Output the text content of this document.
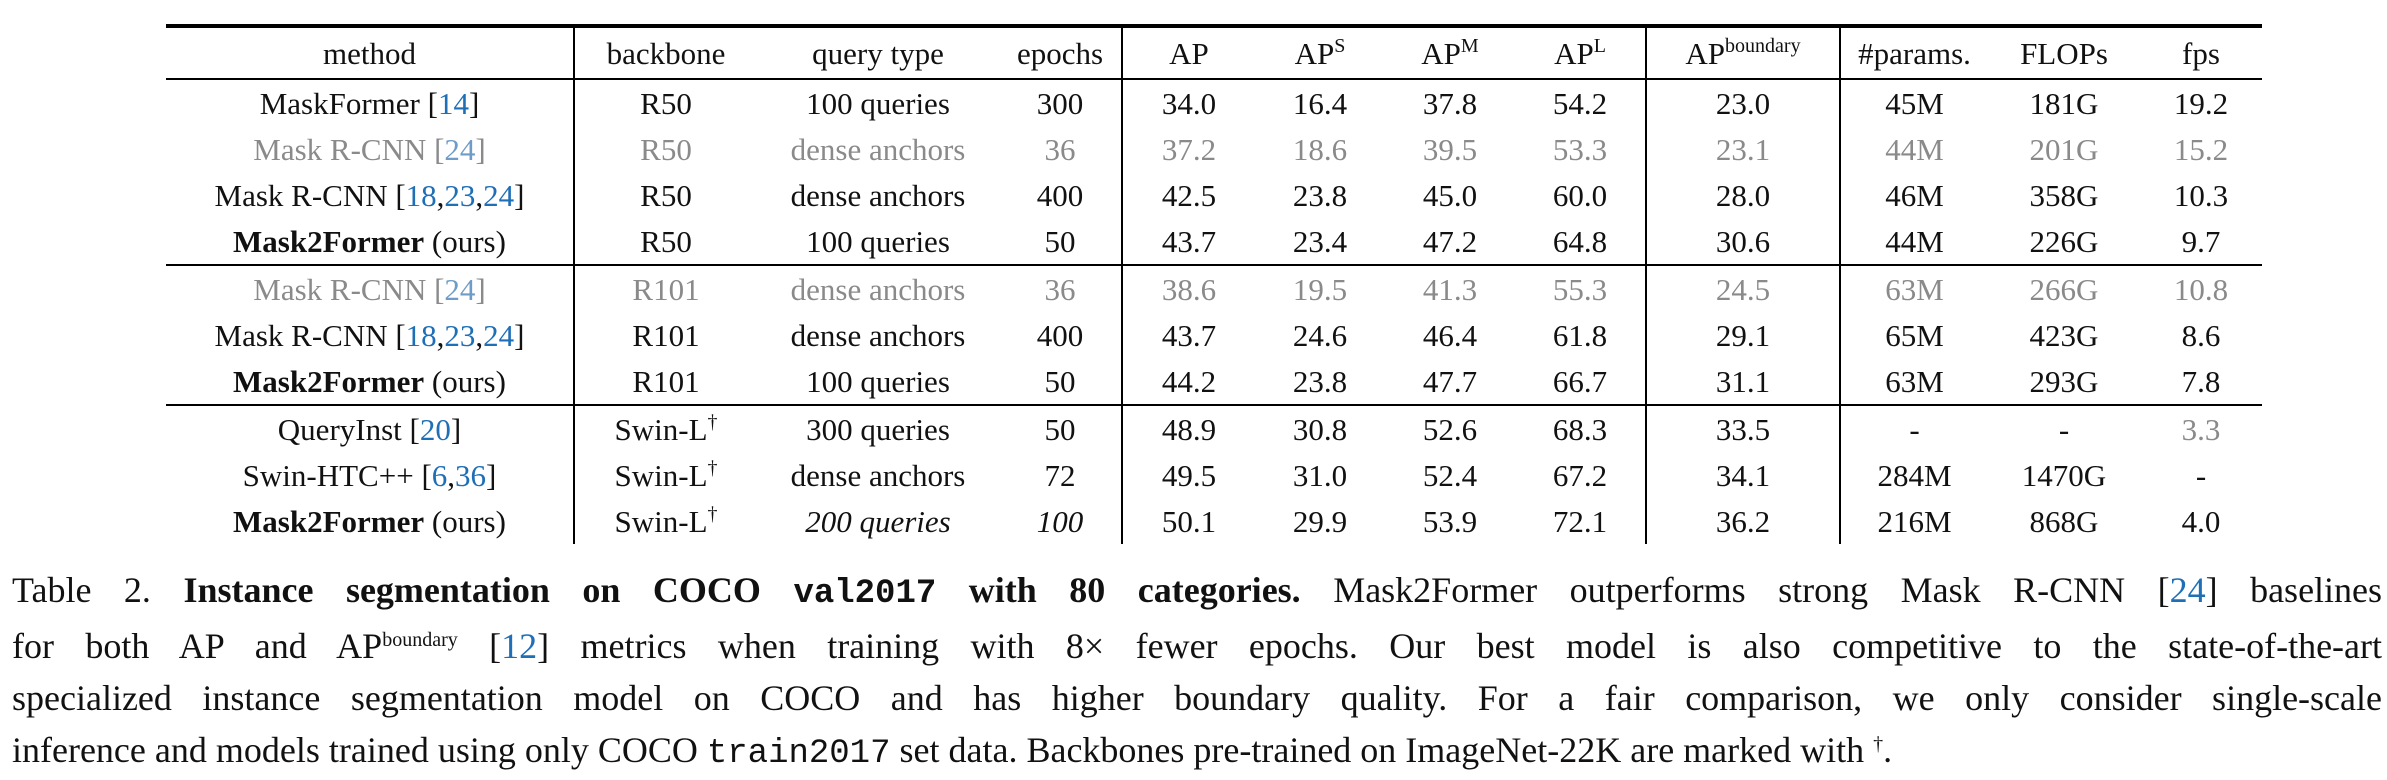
method	backbone	query type	epochs	AP	$AP^S$	$AP^M$	$AP^L$	$AP^{boundary}$	#params.	FLOPs	fps
MaskFormer [14]	R50	100 queries	300	34.0	16.4	37.8	54.2	23.0	45M	181G	19.2
Mask R-CNN [24]	R50	dense anchors	36	37.2	18.6	39.5	53.3	23.1	44M	201G	15.2
Mask R-CNN [18,23,24]	R50	dense anchors	400	42.5	23.8	45.0	60.0	28.0	46M	358G	10.3
Mask2Former (ours)	R50	100 queries	50	43.7	23.4	47.2	64.8	30.6	44M	226G	9.7
Mask R-CNN [24]	R101	dense anchors	36	38.6	19.5	41.3	55.3	24.5	63M	266G	10.8
Mask R-CNN [18,23,24]	R101	dense anchors	400	43.7	24.6	46.4	61.8	29.1	65M	423G	8.6
Mask2Former (ours)	R101	100 queries	50	44.2	23.8	47.7	66.7	31.1	63M	293G	7.8
QueryInst [20]	Swin-L†	300 queries	50	48.9	30.8	52.6	68.3	33.5	-	-	3.3
Swin-HTC++ [6,36]	Swin-L†	dense anchors	72	49.5	31.0	52.4	67.2	34.1	284M	1470G	-
Mask2Former (ours)	Swin-L†	200 queries	100	50.1	29.9	53.9	72.1	36.2	216M	868G	4.0
Table 2. Instance segmentation on COCO val2017 with 80 categories. Mask2Former outperforms strong Mask R-CNN [24] baselines
for both AP and $AP^{boundary}$ [12] metrics when training with 8× fewer epochs. Our best model is also competitive to the state-of-the-art
specialized instance segmentation model on COCO and has higher boundary quality. For a fair comparison, we only consider single-scale
inference and models trained using only COCO train2017 set data. Backbones pre-trained on ImageNet-22K are marked with †.
